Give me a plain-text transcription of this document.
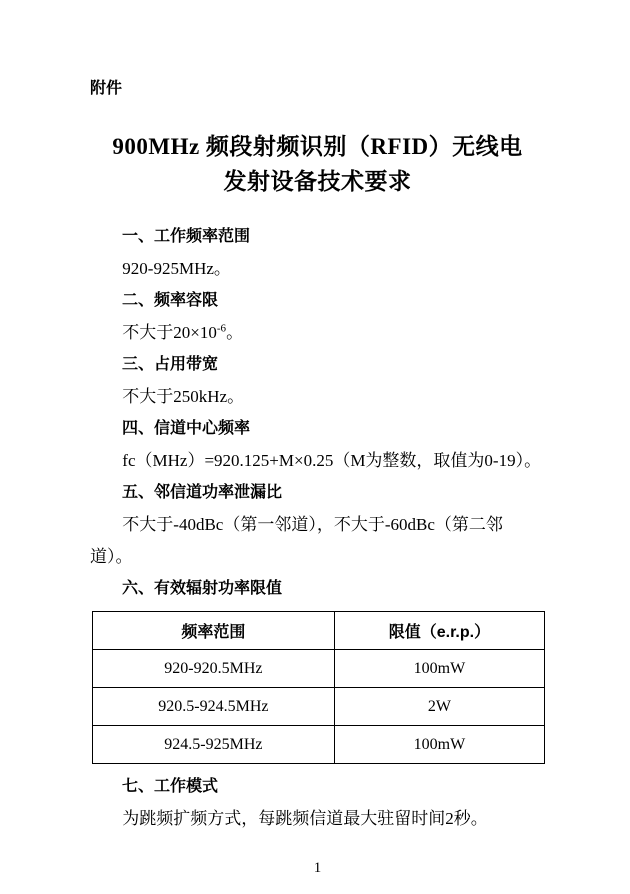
附件
900MHz 频段射频识别（RFID）无线电
发射设备技术要求
一、工作频率范围
920-925MHz。
二、频率容限
不大于$20\times 10^{-6}$。
三、占用带宽
不大于250kHz。
四、信道中心频率
fc（MHz）=920.125+M×0.25（M为整数，取值为0-19）。
五、邻信道功率泄漏比
不大于-40dBc（第一邻道），不大于-60dBc（第二邻道）。
六、有效辐射功率限值
频率范围	限值（e.r.p.）
920-920.5MHz	100mW
920.5-924.5MHz	2W
924.5-925MHz	100mW
七、工作模式
为跳频扩频方式，每跳频信道最大驻留时间2秒。
1
